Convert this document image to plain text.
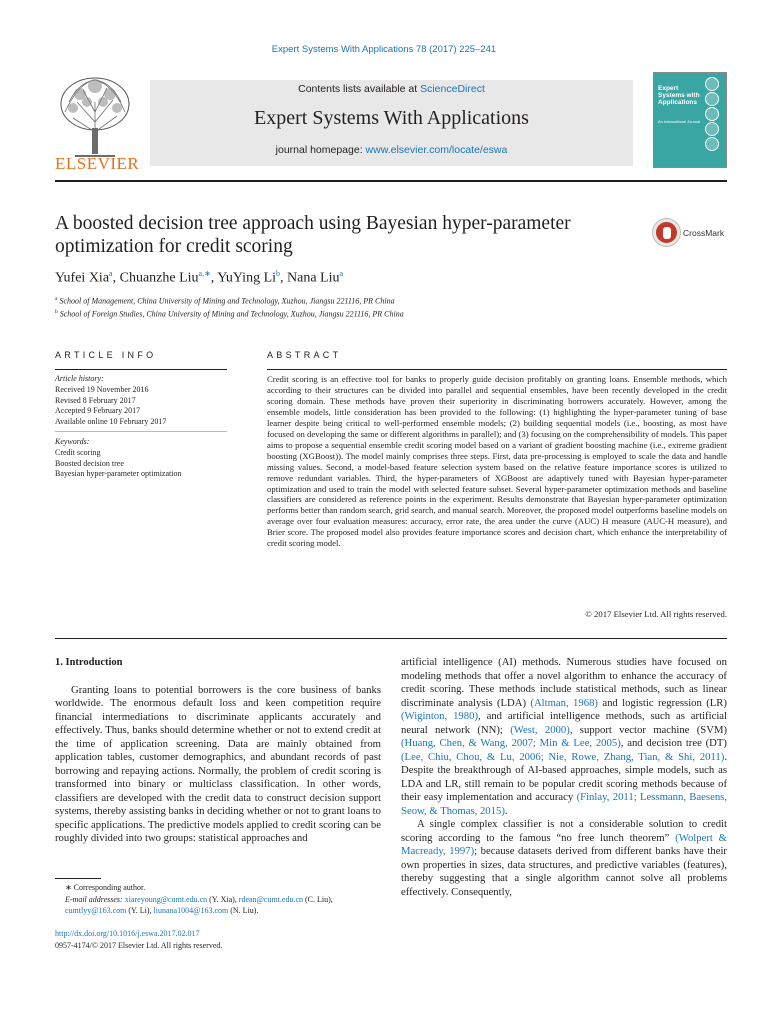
Expert Systems With Applications 78 (2017) 225–241
ELSEVIER
Contents lists available at ScienceDirect
Expert Systems With Applications
journal homepage: www.elsevier.com/locate/eswa
Expert Systems with Applications
An International Journal
A boosted decision tree approach using Bayesian hyper-parameter optimization for credit scoring
CrossMark
Yufei Xia$^a$, Chuanzhe Liu$^{a,∗}$, YuYing Li$^b$, Nana Liu$^a$
$^a$ School of Management, China University of Mining and Technology, Xuzhou, Jiangsu 221116, PR China
$^b$ School of Foreign Studies, China University of Mining and Technology, Xuzhou, Jiangsu 221116, PR China
ARTICLE INFO	ABSTRACT
Article history:
Received 19 November 2016
Revised 8 February 2017
Accepted 9 February 2017
Available online 10 February 2017
Keywords:
Credit scoring
Boosted decision tree
Bayesian hyper-parameter optimization
Credit scoring is an effective tool for banks to properly guide decision profitably on granting loans. Ensemble methods, which according to their structures can be divided into parallel and sequential ensembles, have been recently developed in the credit scoring domain. These methods have proven their superiority in discriminating borrowers accurately. However, among the ensemble models, little consideration has been provided to the following: (1) highlighting the hyper-parameter tuning of base learner despite being critical to well-performed ensemble models; (2) building sequential models (i.e., boosting, as most have focused on developing the same or different algorithms in parallel); and (3) focusing on the comprehensibility of models. This paper aims to propose a sequential ensemble credit scoring model based on a variant of gradient boosting machine (i.e., extreme gradient boosting (XGBoost)). The model mainly comprises three steps. First, data pre-processing is employed to scale the data and handle missing values. Second, a model-based feature selection system based on the relative feature importance scores is utilized to remove redundant variables. Third, the hyper-parameters of XGBoost are adaptively tuned with Bayesian hyper-parameter optimization and used to train the model with selected feature subset. Several hyper-parameter optimization methods and baseline classifiers are considered as reference points in the experiment. Results demonstrate that Bayesian hyper-parameter optimization performs better than random search, grid search, and manual search. Moreover, the proposed model outperforms baseline models on average over four evaluation measures: accuracy, error rate, the area under the curve (AUC) H measure (AUC-H measure), and Brier score. The proposed model also provides feature importance scores and decision chart, which enhance the interpretability of credit scoring model.
© 2017 Elsevier Ltd. All rights reserved.
1. Introduction

Granting loans to potential borrowers is the core business of banks worldwide. The enormous default loss and keen competition require financial intermediations to discriminate applicants accurately and effectively. Thus, banks should determine whether or not to extend credit at the time of application screening. Data are mainly obtained from application tables, customer demographics, and abundant records of past borrowing and repaying actions. Normally, the problem of credit scoring is transformed into binary or multiclass classification. In other words, classifiers are developed with the credit data to construct decision support systems, thereby assisting banks in deciding whether or not to grant loans to specific applications. The predictive models applied to credit scoring can be roughly divided into two groups: statistical approaches and

artificial intelligence (AI) methods. Numerous studies have focused on modeling methods that offer a novel algorithm to enhance the accuracy of credit scoring. These methods include statistical methods, such as linear discriminate analysis (LDA) (Altman, 1968) and logistic regression (LR) (Wiginton, 1980), and artificial intelligence methods, such as artificial neural network (NN); (West, 2000), support vector machine (SVM) (Huang, Chen, & Wang, 2007; Min & Lee, 2005), and decision tree (DT) (Lee, Chiu, Chou, & Lu, 2006; Nie, Rowe, Zhang, Tian, & Shi, 2011). Despite the breakthrough of AI-based approaches, simple models, such as LDA and LR, still remain to be popular credit scoring methods because of their easy implementation and accuracy (Finlay, 2011; Lessmann, Baesens, Seow, & Thomas, 2015).

A single complex classifier is not a considerable solution to credit scoring according to the famous “no free lunch theorem” (Wolpert & Macready, 1997); because datasets derived from different banks have their own properties in sizes, data structures, and predictive variables (features), thereby suggesting that a single algorithm cannot solve all problems effectively. Consequently,

∗ Corresponding author.
E-mail addresses: xiareyoung@cumt.edu.cn (Y. Xia), rdean@cumt.edu.cn (C. Liu), cumtlyy@163.com (Y. Li), liunana1004@163.com (N. Liu).
http://dx.doi.org/10.1016/j.eswa.2017.02.017
0957-4174/© 2017 Elsevier Ltd. All rights reserved.
